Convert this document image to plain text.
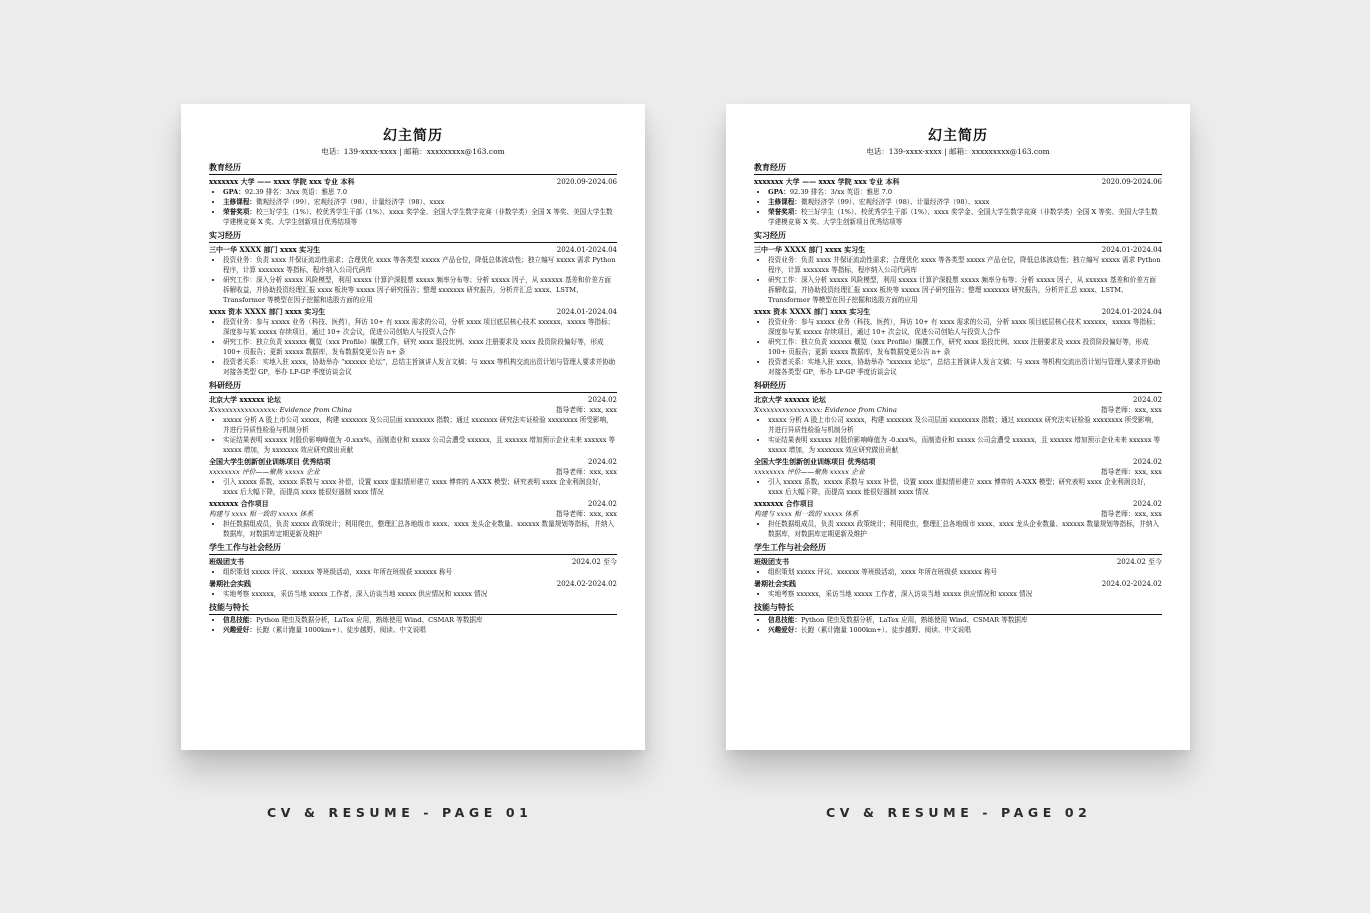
幻主简历
电话：139-xxxx-xxxx | 邮箱：xxxxxxxxx@163.com
教育经历
xxxxxxx 大学 —— xxxx 学院 xxx 专业 本科	2020.09-2024.06
• GPA：92.39 排名：3/xx 英语：雅思 7.0
• 主修课程：微观经济学（99）、宏观经济学（98）、计量经济学（98）、xxxx
• 荣誉奖项：校三好学生（1%）、校优秀学生干部（1%）、xxxx 奖学金、全国大学生数学竞赛（非数学类）全国 X 等奖、美国大学生数学建模竞赛 X 奖、大学生创新项目优秀结项等
实习经历
三中一华 XXXX 部门 xxxx 实习生	2024.01-2024.04
• 投资业务：负责 xxxx 并保证流动性需求；合理优化 xxxx 等各类型 xxxxx 产品仓位，降低总体波动性；独立编写 xxxxx 需求 Python 程序，计算 xxxxxxx 等指标，程序纳入公司代码库
• 研究工作：深入分析 xxxxx 风险模型，利用 xxxxx 计算沪深股票 xxxxx 频率分布等；分析 xxxxx 因子，从 xxxxxx 基差和价差方面拆解收益，并协助投资经理汇报 xxxx 板块等 xxxxx 因子研究报告；整理 xxxxxxx 研究报告，分析并汇总 xxxx、LSTM、Transformer 等模型在因子挖掘和选股方面的应用
xxxx 资本 XXXX 部门 xxxx 实习生	2024.01-2024.04
• 投资业务：参与 xxxxx 业务（科技、医药），拜访 10+ 有 xxxx 需求的公司，分析 xxxx 项目底层核心技术 xxxxxx，xxxxx 等指标；深度参与某 xxxxx 存续项目，通过 10+ 次会议，促进公司创始人与投资人合作
• 研究工作：独立负责 xxxxxx 概览（xxx Profile）编撰工作，研究 xxxx 退投比例、xxxx 注册要求及 xxxx 投资阶段偏好等，形成 100+ 页报告；更新 xxxxx 数据库，发布数据变更公告 n+ 条
• 投资者关系：实地入驻 xxxx，协助举办 “xxxxxx 论坛”，总结主旨演讲人发言文稿；与 xxxx 等机构交流出资计划与管理人要求并协助对接各类型 GP，举办 LP-GP 季度访谈会议
科研经历
北京大学 xxxxxx 论坛	2024.02
Xxxxxxxxxxxxxxxxx: Evidence from China	指导老师：xxx, xxx
• xxxxx 分析 A 股上市公司 xxxxx，构建 xxxxxxx 及公司层面 xxxxxxxx 指数；通过 xxxxxxx 研究法实证检验 xxxxxxxx 所受影响，并进行异质性检验与机制分析
• 实证结果表明 xxxxxx 对股价影响峰值为 -0.xxx%，而制造业和 xxxxx 公司会遭受 xxxxxx，且 xxxxxx 增加预示企业未来 xxxxxx 等 xxxxx 增加，为 xxxxxxx 效应研究做出贡献
全国大学生创新创业训练项目 优秀结项	2024.02
xxxxxxxx 评价——聚焦 xxxxx 企业	指导老师：xxx, xxx
• 引入 xxxxx 系数、xxxxx 系数与 xxxx 补偿，设置 xxxx 虚拟情形建立 xxxx 博弈的 A-XXX 模型；研究表明 xxxx 企业利润良好，xxxx 后大幅下降，而提高 xxxx 能很好遏制 xxxx 情况
xxxxxxx 合作项目	2024.02
构建与 xxxx 相一致的 xxxxx 体系	指导老师：xxx, xxx
• 担任数据组成员，负责 xxxxx 政策统计；利用爬虫，整理汇总各地级市 xxxx、xxxx 龙头企业数量、xxxxxx 数量规划等指标，并纳入数据库，对数据库定期更新及维护
学生工作与社会经历
班级团支书	2024.02 至今
• 组织策划 xxxxx 评议、xxxxxx 等班级活动，xxxx 年所在班级获 xxxxxx 称号
暑期社会实践	2024.02-2024.02
• 实地考察 xxxxxx，采访当地 xxxxx 工作者，深入访谈当地 xxxxx 供应情况和 xxxxx 情况
技能与特长
• 信息技能：Python 爬虫及数据分析，LaTex 应用，熟练使用 Wind、CSMAR 等数据库
• 兴趣爱好：长跑（累计跑量 1000km+）、徒步越野、阅读、中文说唱
幻主简历
电话：139-xxxx-xxxx | 邮箱：xxxxxxxxx@163.com
教育经历
xxxxxxx 大学 —— xxxx 学院 xxx 专业 本科	2020.09-2024.06
• GPA：92.39 排名：3/xx 英语：雅思 7.0
• 主修课程：微观经济学（99）、宏观经济学（98）、计量经济学（98）、xxxx
• 荣誉奖项：校三好学生（1%）、校优秀学生干部（1%）、xxxx 奖学金、全国大学生数学竞赛（非数学类）全国 X 等奖、美国大学生数学建模竞赛 X 奖、大学生创新项目优秀结项等
实习经历
三中一华 XXXX 部门 xxxx 实习生	2024.01-2024.04
• 投资业务：负责 xxxx 并保证流动性需求；合理优化 xxxx 等各类型 xxxxx 产品仓位，降低总体波动性；独立编写 xxxxx 需求 Python 程序，计算 xxxxxxx 等指标，程序纳入公司代码库
• 研究工作：深入分析 xxxxx 风险模型，利用 xxxxx 计算沪深股票 xxxxx 频率分布等；分析 xxxxx 因子，从 xxxxxx 基差和价差方面拆解收益，并协助投资经理汇报 xxxx 板块等 xxxxx 因子研究报告；整理 xxxxxxx 研究报告，分析并汇总 xxxx、LSTM、Transformer 等模型在因子挖掘和选股方面的应用
xxxx 资本 XXXX 部门 xxxx 实习生	2024.01-2024.04
• 投资业务：参与 xxxxx 业务（科技、医药），拜访 10+ 有 xxxx 需求的公司，分析 xxxx 项目底层核心技术 xxxxxx，xxxxx 等指标；深度参与某 xxxxx 存续项目，通过 10+ 次会议，促进公司创始人与投资人合作
• 研究工作：独立负责 xxxxxx 概览（xxx Profile）编撰工作，研究 xxxx 退投比例、xxxx 注册要求及 xxxx 投资阶段偏好等，形成 100+ 页报告；更新 xxxxx 数据库，发布数据变更公告 n+ 条
• 投资者关系：实地入驻 xxxx，协助举办 “xxxxxx 论坛”，总结主旨演讲人发言文稿；与 xxxx 等机构交流出资计划与管理人要求并协助对接各类型 GP，举办 LP-GP 季度访谈会议
科研经历
北京大学 xxxxxx 论坛	2024.02
Xxxxxxxxxxxxxxxxx: Evidence from China	指导老师：xxx, xxx
• xxxxx 分析 A 股上市公司 xxxxx，构建 xxxxxxx 及公司层面 xxxxxxxx 指数；通过 xxxxxxx 研究法实证检验 xxxxxxxx 所受影响，并进行异质性检验与机制分析
• 实证结果表明 xxxxxx 对股价影响峰值为 -0.xxx%，而制造业和 xxxxx 公司会遭受 xxxxxx，且 xxxxxx 增加预示企业未来 xxxxxx 等 xxxxx 增加，为 xxxxxxx 效应研究做出贡献
全国大学生创新创业训练项目 优秀结项	2024.02
xxxxxxxx 评价——聚焦 xxxxx 企业	指导老师：xxx, xxx
• 引入 xxxxx 系数、xxxxx 系数与 xxxx 补偿，设置 xxxx 虚拟情形建立 xxxx 博弈的 A-XXX 模型；研究表明 xxxx 企业利润良好，xxxx 后大幅下降，而提高 xxxx 能很好遏制 xxxx 情况
xxxxxxx 合作项目	2024.02
构建与 xxxx 相一致的 xxxxx 体系	指导老师：xxx, xxx
• 担任数据组成员，负责 xxxxx 政策统计；利用爬虫，整理汇总各地级市 xxxx、xxxx 龙头企业数量、xxxxxx 数量规划等指标，并纳入数据库，对数据库定期更新及维护
学生工作与社会经历
班级团支书	2024.02 至今
• 组织策划 xxxxx 评议、xxxxxx 等班级活动，xxxx 年所在班级获 xxxxxx 称号
暑期社会实践	2024.02-2024.02
• 实地考察 xxxxxx，采访当地 xxxxx 工作者，深入访谈当地 xxxxx 供应情况和 xxxxx 情况
技能与特长
• 信息技能：Python 爬虫及数据分析，LaTex 应用，熟练使用 Wind、CSMAR 等数据库
• 兴趣爱好：长跑（累计跑量 1000km+）、徒步越野、阅读、中文说唱
CV & RESUME - PAGE 01	CV & RESUME - PAGE 02
